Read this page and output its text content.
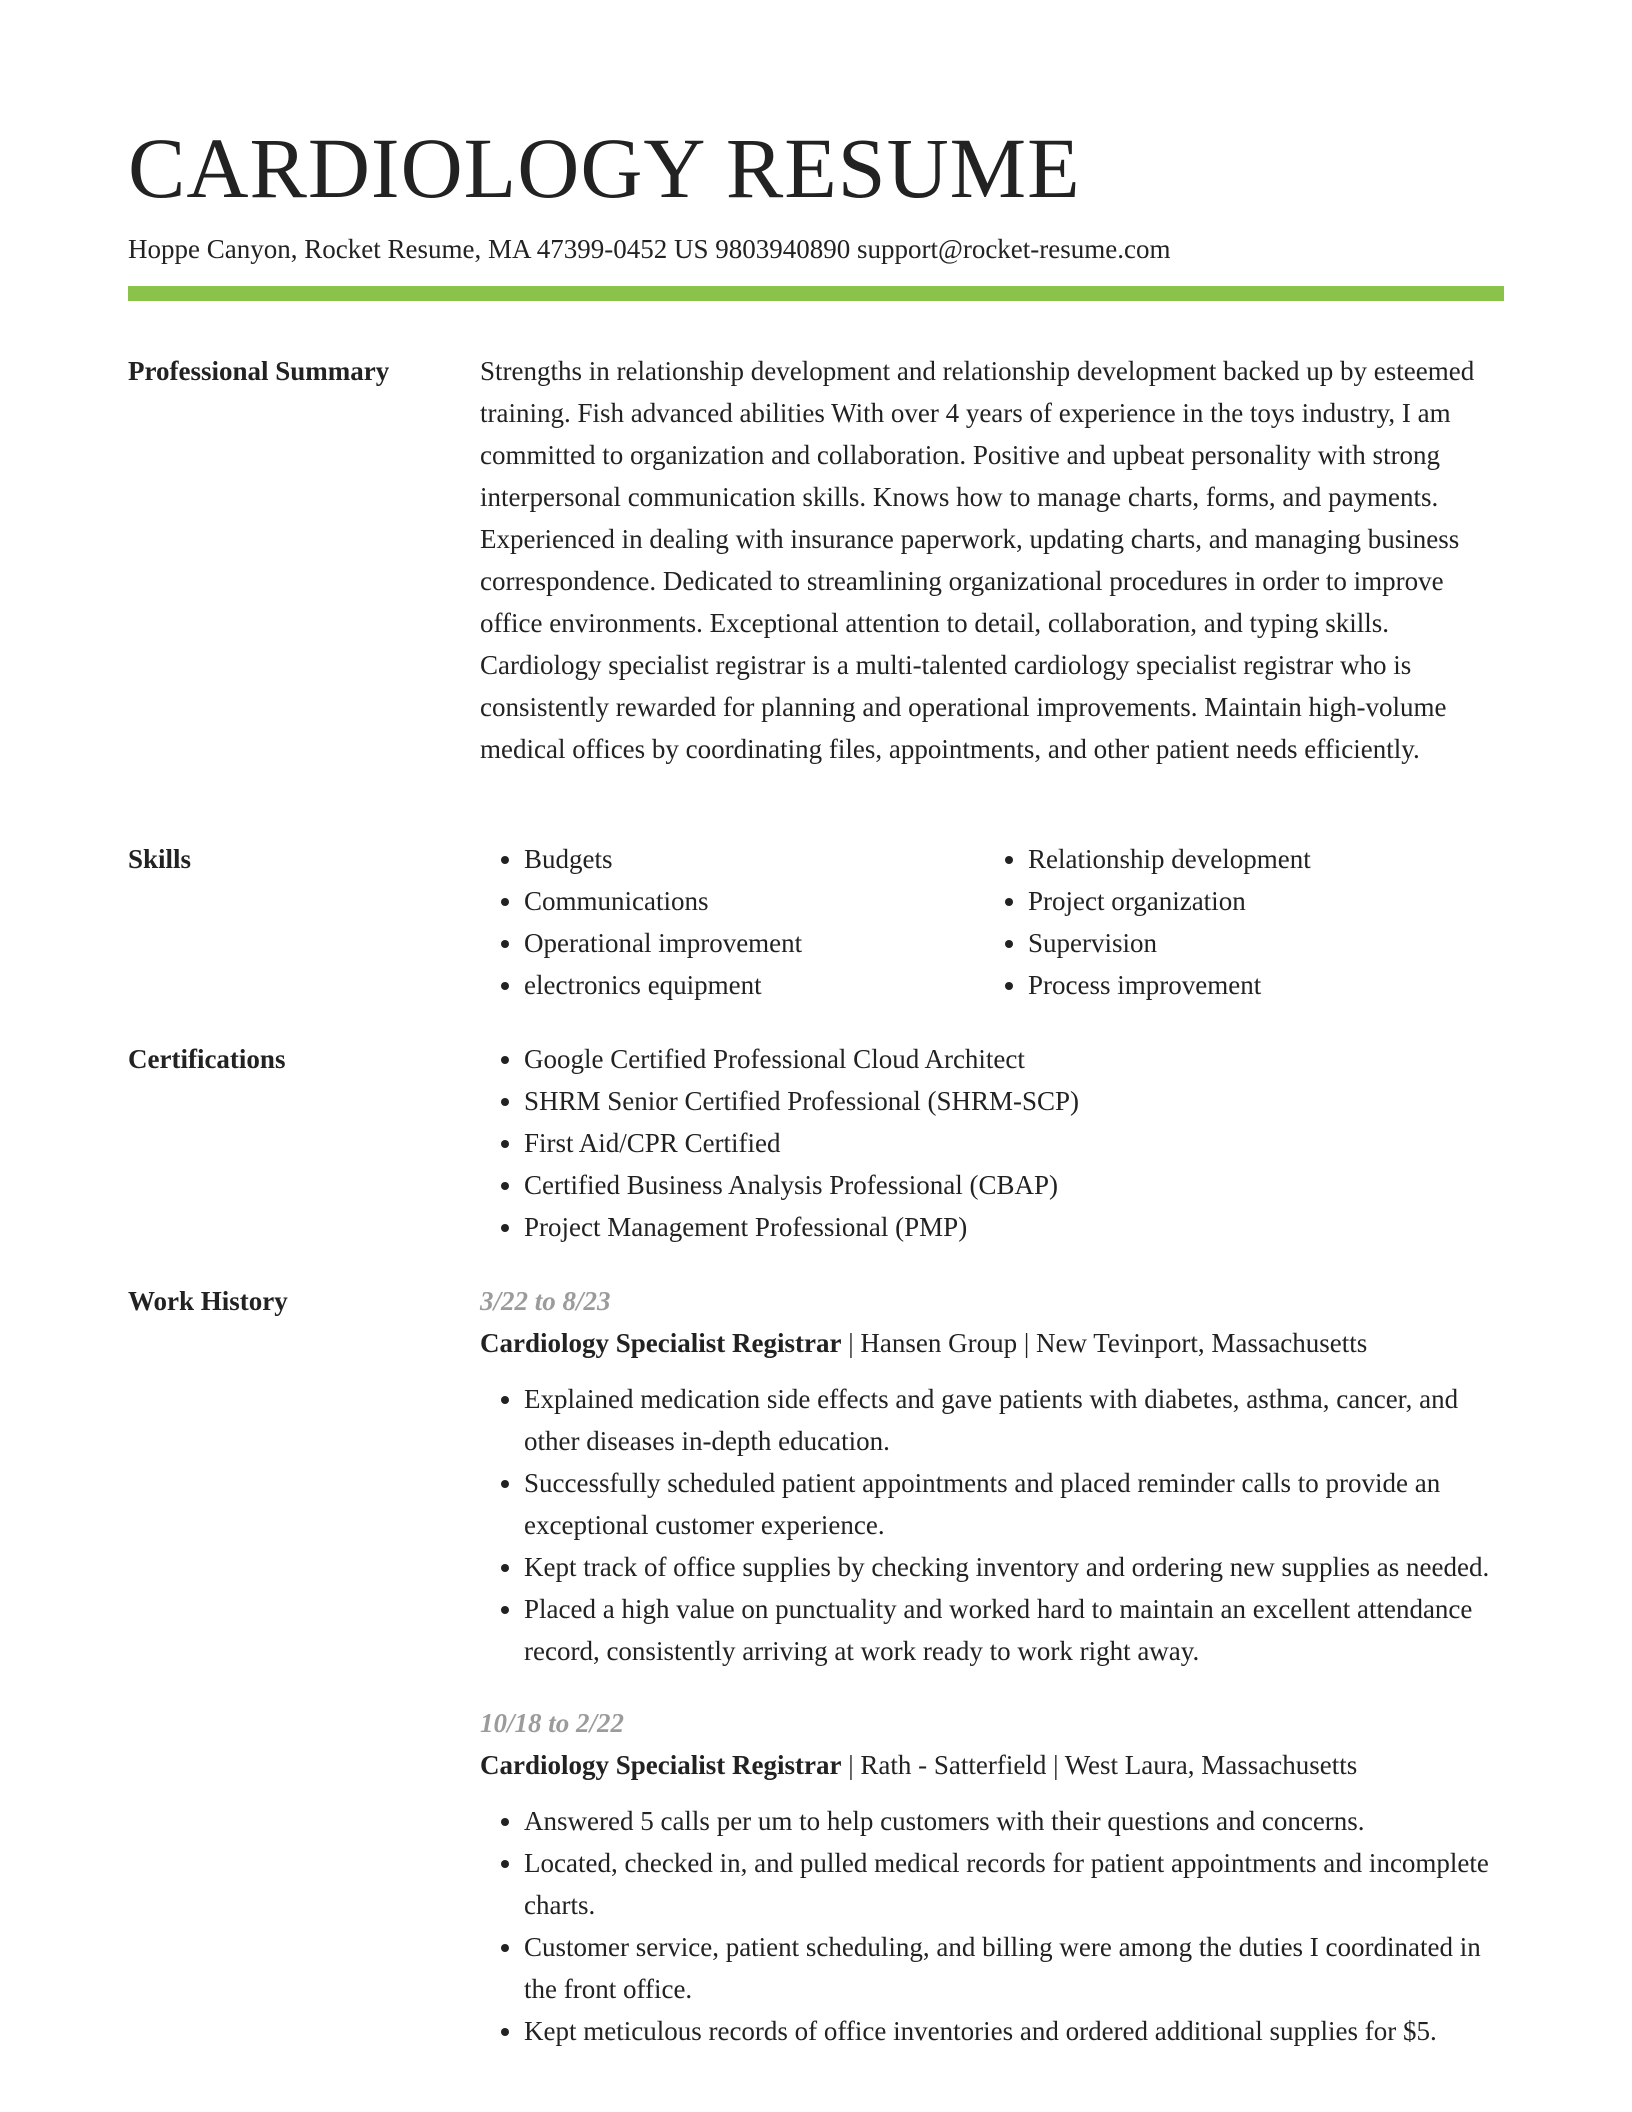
CARDIOLOGY RESUME
Hoppe Canyon, Rocket Resume, MA 47399-0452 US 9803940890 support@rocket-resume.com
Professional Summary	Strengths in relationship development and relationship development backed up by esteemed training. Fish advanced abilities With over 4 years of experience in the toys industry, I am committed to organization and collaboration. Positive and upbeat personality with strong interpersonal communication skills. Knows how to manage charts, forms, and payments. Experienced in dealing with insurance paperwork, updating charts, and managing business correspondence. Dedicated to streamlining organizational procedures in order to improve office environments. Exceptional attention to detail, collaboration, and typing skills. Cardiology specialist registrar is a multi-talented cardiology specialist registrar who is consistently rewarded for planning and operational improvements. Maintain high-volume medical offices by coordinating files, appointments, and other patient needs efficiently.

Skills	• Budgets
• Communications
• Operational improvement
• electronics equipment
• Relationship development
• Project organization
• Supervision
• Process improvement
Certifications	• Google Certified Professional Cloud Architect
• SHRM Senior Certified Professional (SHRM-SCP)
• First Aid/CPR Certified
• Certified Business Analysis Professional (CBAP)
• Project Management Professional (PMP)
Work History	3/22 to 8/23

Cardiology Specialist Registrar | Hansen Group | New Tevinport, Massachusetts

• Explained medication side effects and gave patients with diabetes, asthma, cancer, and other diseases in-depth education.
• Successfully scheduled patient appointments and placed reminder calls to provide an exceptional customer experience.
• Kept track of office supplies by checking inventory and ordering new supplies as needed.
• Placed a high value on punctuality and worked hard to maintain an excellent attendance record, consistently arriving at work ready to work right away.

10/18 to 2/22

Cardiology Specialist Registrar | Rath - Satterfield | West Laura, Massachusetts

• Answered 5 calls per um to help customers with their questions and concerns.
• Located, checked in, and pulled medical records for patient appointments and incomplete charts.
• Customer service, patient scheduling, and billing were among the duties I coordinated in the front office.
• Kept meticulous records of office inventories and ordered additional supplies for $5.
